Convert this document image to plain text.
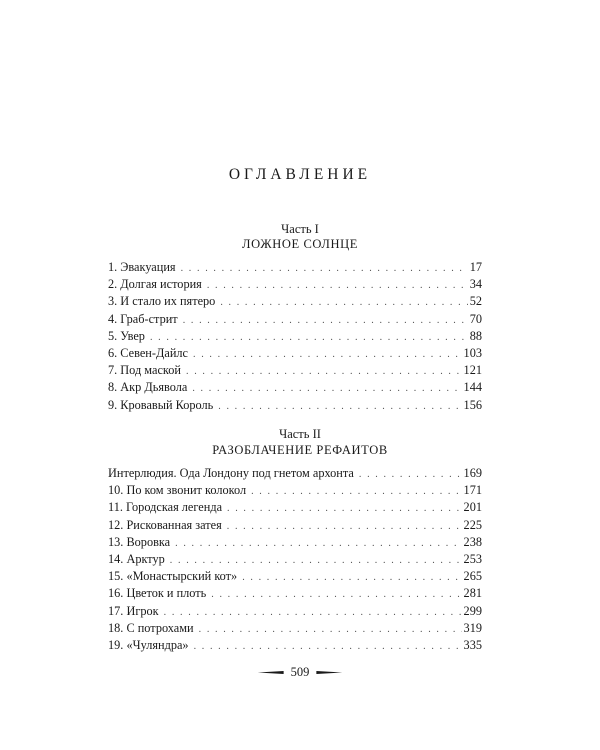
ОГЛАВЛЕНИЕ
Часть I
ЛОЖНОЕ СОЛНЦЕ
1. Эвакуация . . .	17
2. Долгая история . . .	34
3. И стало их пятеро . . .	52
4. Граб-стрит . . .	70
5. Увер . . .	88
6. Севен-Дайлс . . .	103
7. Под маской . . .	121
8. Акр Дьявола . . .	144
9. Кровавый Король . . .	156
Часть II
РАЗОБЛАЧЕНИЕ РЕФАИТОВ
Интерлюдия. Ода Лондону под гнетом архонта . . .	169
10. По ком звонит колокол . . .	171
11. Городская легенда . . .	201
12. Рискованная затея . . .	225
13. Воровка . . .	238
14. Арктур . . .	253
15. «Монастырский кот» . . .	265
16. Цветок и плоть . . .	281
17. Игрок . . .	299
18. С потрохами . . .	319
19. «Чуляндра» . . .	335
509
